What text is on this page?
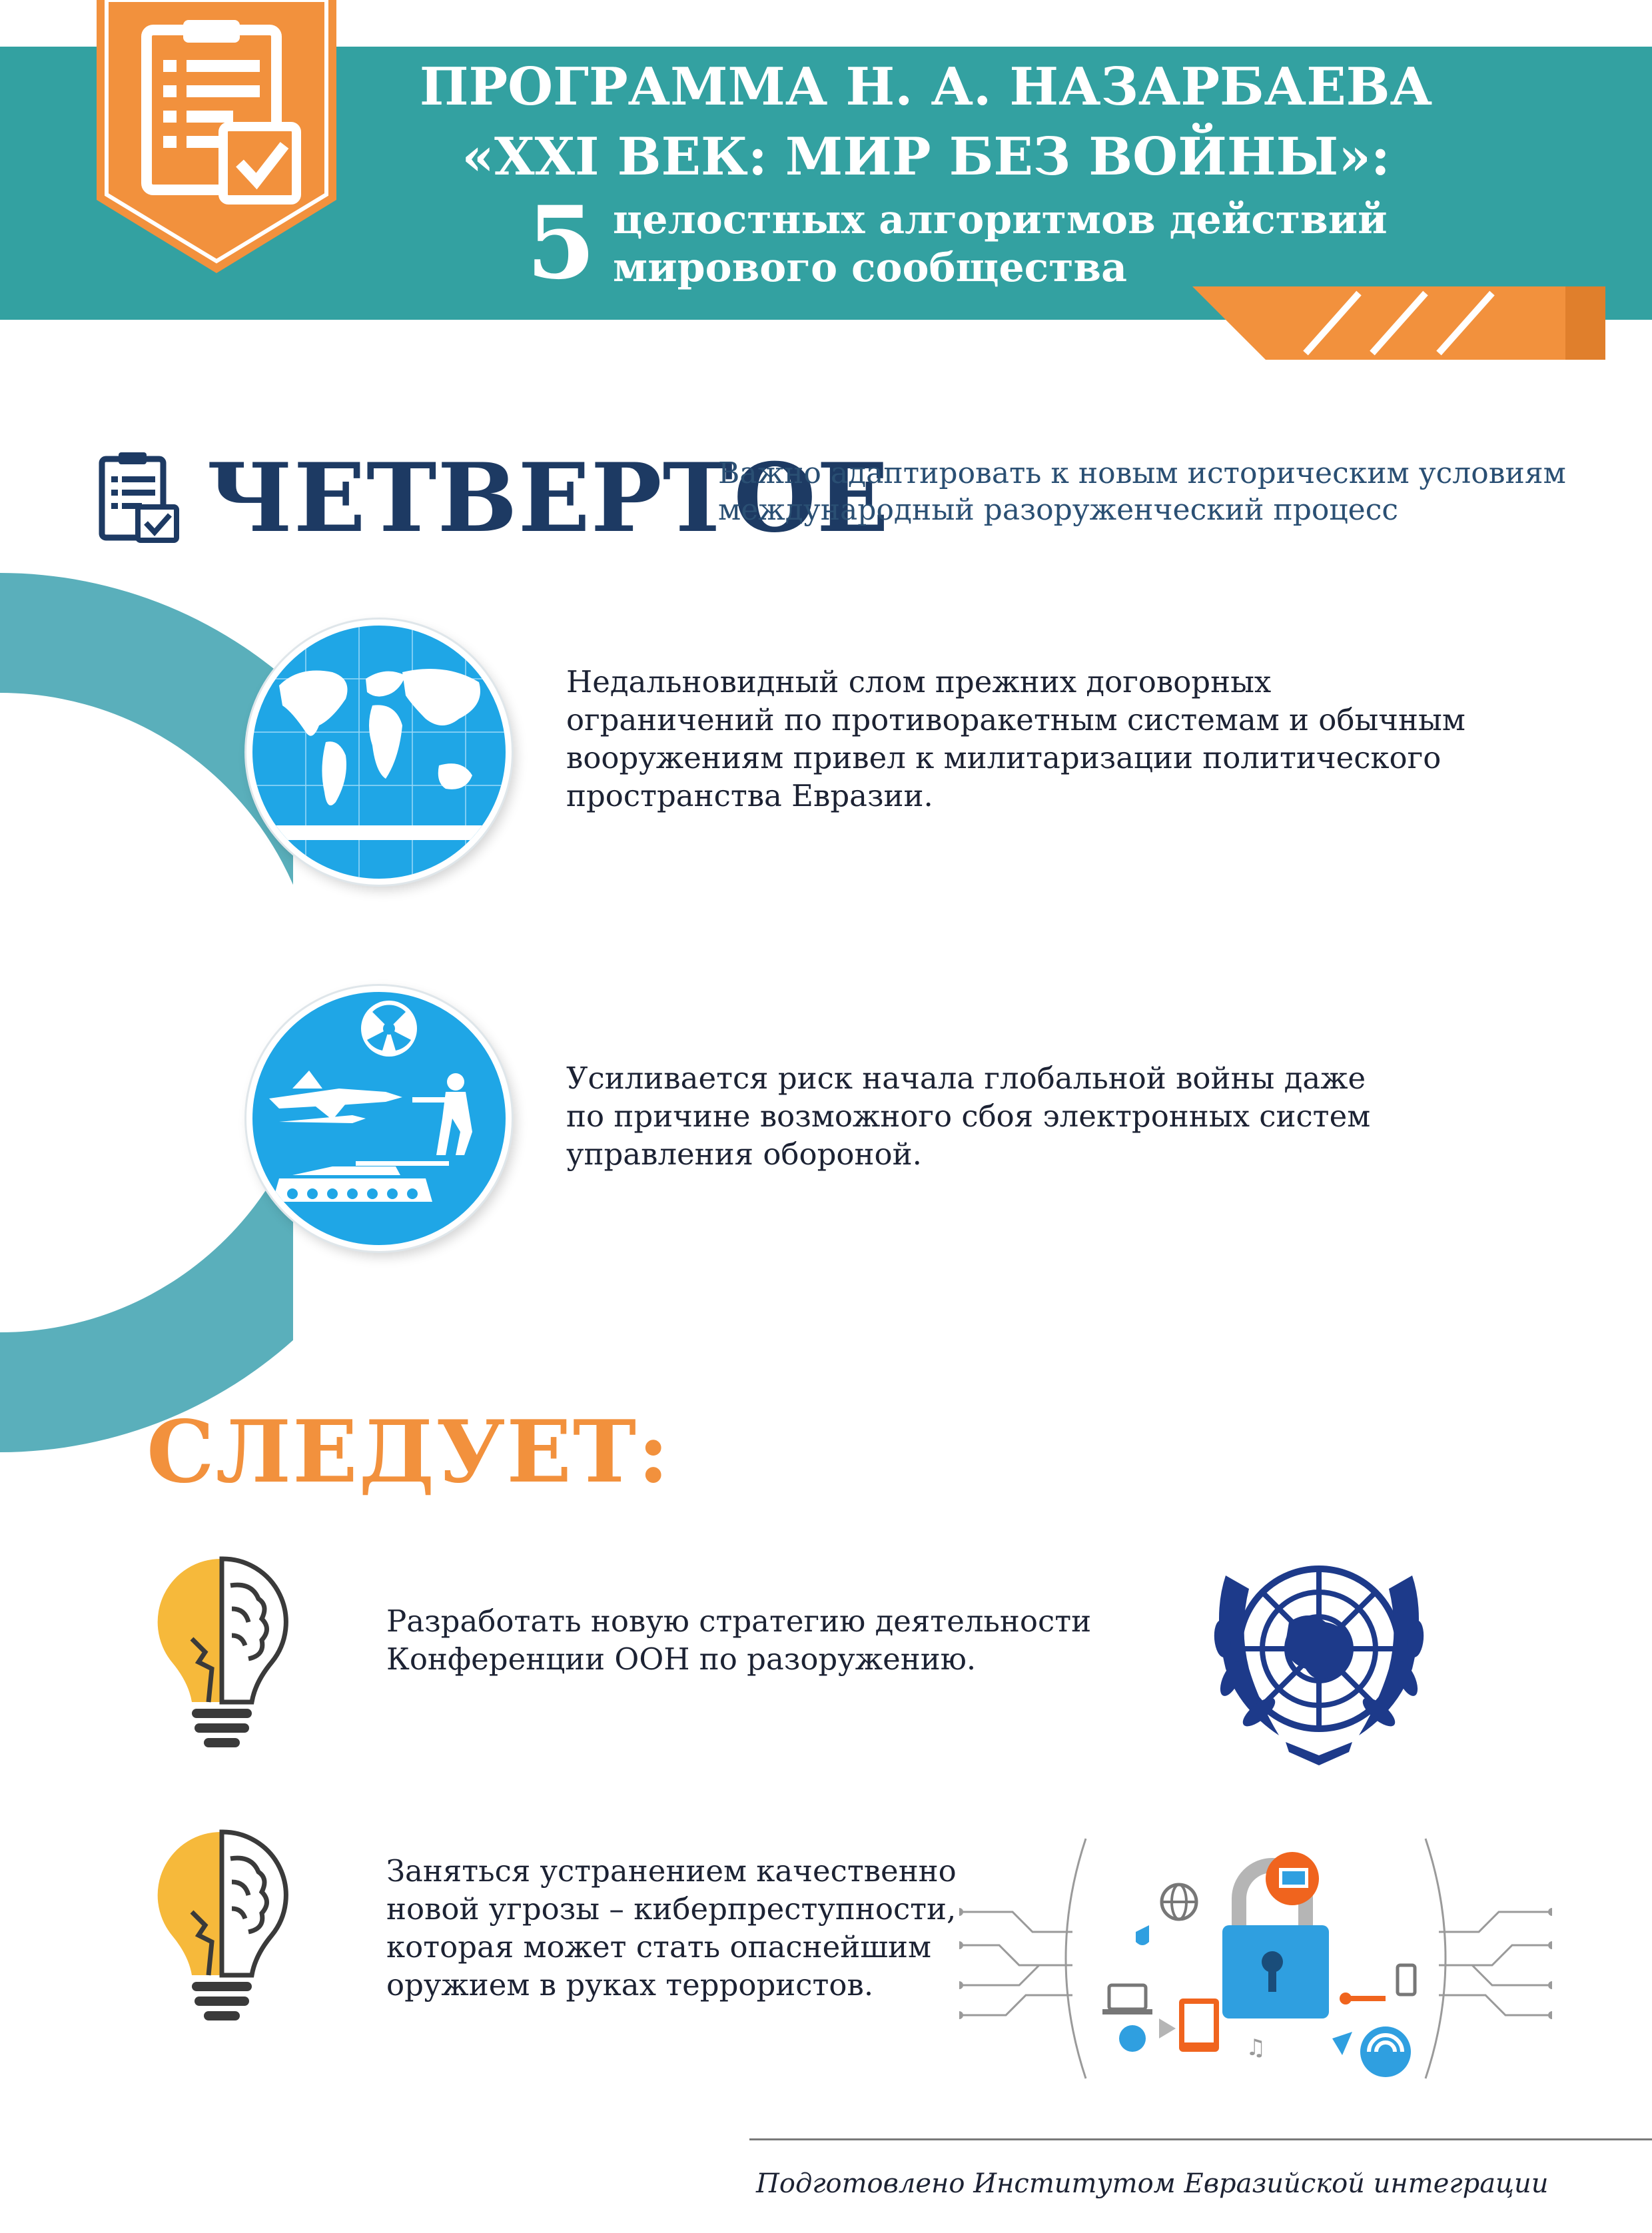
ПРОГРАММА Н. А. НАЗАРБАЕВА
«XXI ВЕК: МИР БЕЗ ВОЙНЫ»:
5 целостных алгоритмов действий
мирового сообщества
ЧЕТВЕРТОЕ
Важно адаптировать к новым историческим условиям
международный разоруженческий процесс
Недальновидный слом прежних договорных
ограничений по противоракетным системам и обычным
вооружениям привел к милитаризации политического
пространства Евразии.
Усиливается риск начала глобальной войны даже
по причине возможного сбоя электронных систем
управления обороной.
СЛЕДУЕТ:
Разработать новую стратегию деятельности
Конференции ООН по разоружению.
Заняться устранением качественно
новой угрозы – киберпреступности,
которая может стать опаснейшим
оружием в руках террористов.
♫
Подготовлено Институтом Евразийской интеграции
